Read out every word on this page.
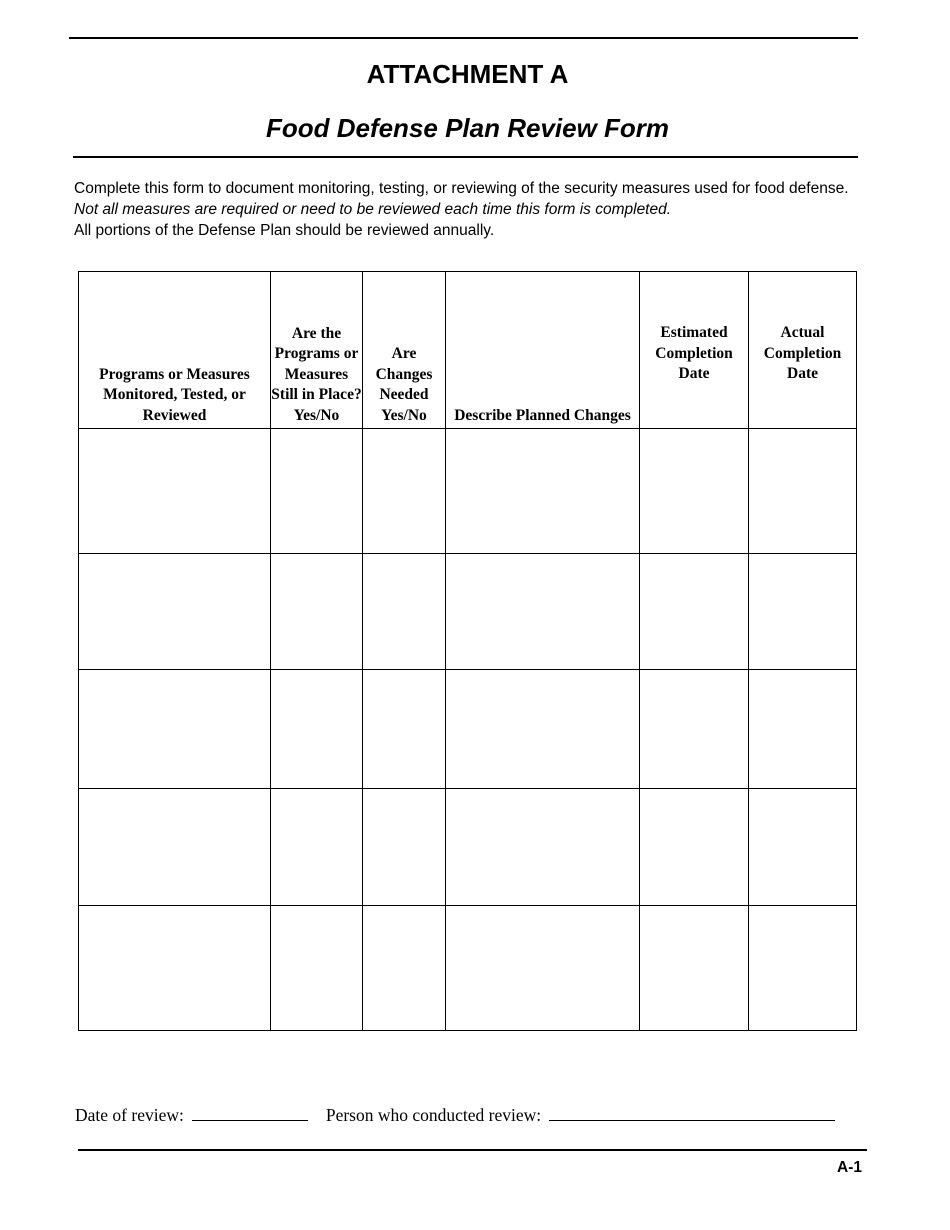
ATTACHMENT A
Food Defense Plan Review Form

Complete this form to document monitoring, testing, or reviewing of the security measures used for food defense.  Not all measures are required or need to be reviewed each time this form is completed.
All portions of the Defense Plan should be reviewed annually.

Programs or Measures Monitored, Tested, or Reviewed	Are the Programs or Measures Still in Place? Yes/No	Are Changes Needed Yes/No	Describe Planned Changes	Estimated Completion Date	Actual Completion Date

Date of review:	Person who conducted review:
A-1
